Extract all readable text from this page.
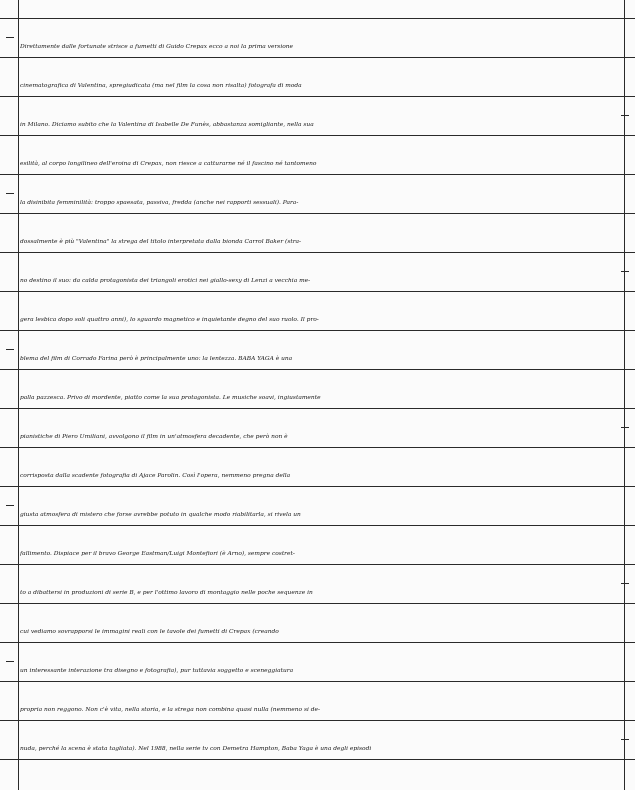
Direttamente dalle fortunate strisce a fumetti di Guido Crepax ecco a noi la prima versione
cinematografica di Valentina, spregiudicata (ma nel film la cosa non risalta) fotografa di moda
in Milano. Diciamo subito che la Valentina di Isabelle De Funès, abbastanza somigliante, nella sua
esilità, al corpo longilineo dell'eroina di Crepax, non riesce a catturarne né il fascino né tantomeno
la disinibita femminilità: troppo spaesata, passiva, fredda (anche nei rapporti sessuali). Para-
dossalmente è più "Valentina" la strega del titolo interpretata dalla bionda Carrol Baker (stra-
no destino il suo: da calda protagonista dei triangoli erotici nei giallo-sexy di Lenzi a vecchia me-
gera lesbica dopo soli quattro anni), lo sguardo magnetico e inquietante degno del suo ruolo. Il pro-
blema del film di Corrado Farina però è principalmente uno: la lentezza. BABA YAGA è una
palla pazzesca. Privo di mordente, piatto come la sua protagonista. Le musiche soavi, ingiustamente
pianistiche di Piero Umiliani, avvolgono il film in un'atmosfera decadente, che però non è
corrisposta dalla scadente fotografia di Ajace Parolin. Così l'opera, nemmeno pregna della
giusta atmosfera di mistero che forse avrebbe potuto in qualche modo riabilitarla, si rivela un
fallimento. Dispiace per il bravo George Eastman/Luigi Montefiori (è Arno), sempre costret-
to a dibattersi in produzioni di serie B, e per l'ottimo lavoro di montaggio nelle poche sequenze in
cui vediamo sovrapporsi le immagini reali con le tavole dei fumetti di Crepax (creando
un interessante interazione tra disegno e fotografia), pur tuttavia soggetto e sceneggiatura
propria non reggono. Non c'è vita, nella storia, e la strega non combina quasi nulla (nemmeno si de-
nuda, perché la scena è stata tagliata). Nel 1988, nella serie tv con Demetra Hampton, Baba Yaga è una degli episodi
